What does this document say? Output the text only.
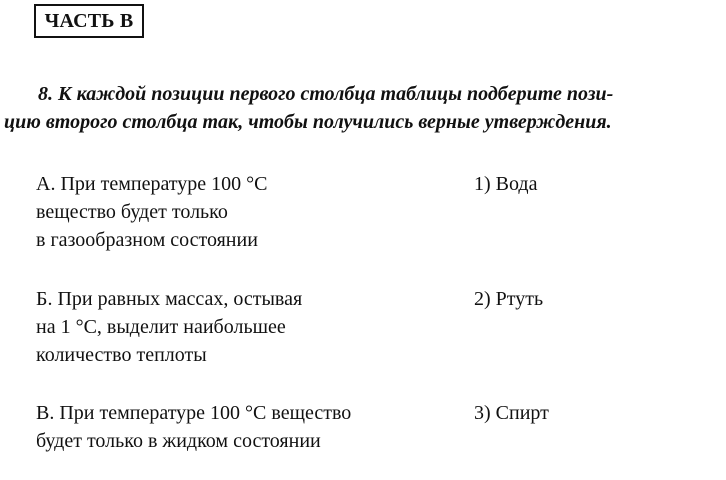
ЧАСТЬ В
8. К каждой позиции первого столбца таблицы подберите пози-
цию второго столбца так, чтобы получились верные утверждения.
А. При температуре 100 °С
вещество будет только
в газообразном состоянии
1) Вода
Б. При равных массах, остывая
на 1 °С, выделит наибольшее
количество теплоты
2) Ртуть
В. При температуре 100 °С вещество
будет только в жидком состоянии
3) Спирт
